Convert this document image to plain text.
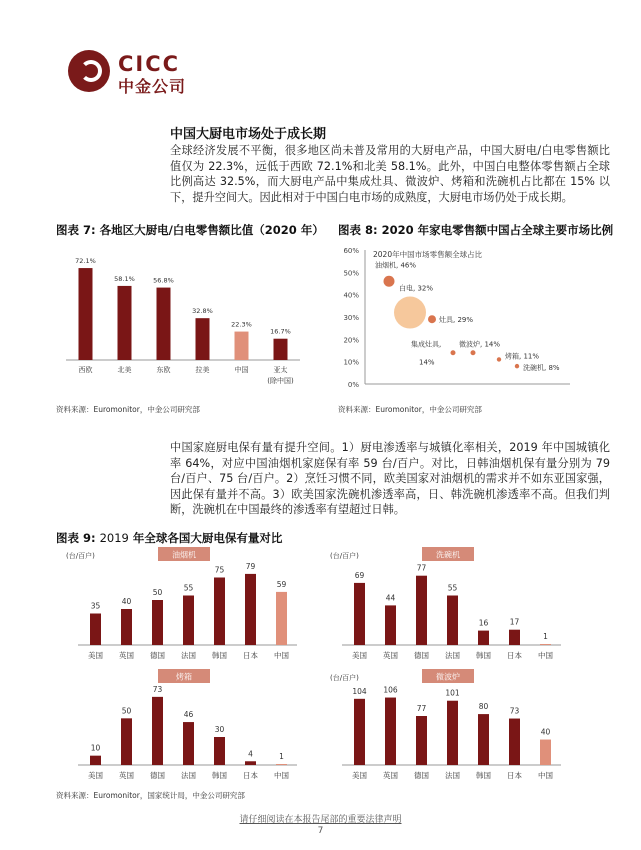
CICC
中金公司
中国大厨电市场处于成长期
全球经济发展不平衡，很多地区尚未普及常用的大厨电产品，中国大厨电/白电零售额比值仅为 22.3%，远低于西欧 72.1%和北美 58.1%。此外，中国白电整体零售额占全球比例高达 32.5%，而大厨电产品中集成灶具、微波炉、烤箱和洗碗机占比都在 15% 以下，提升空间大。因此相对于中国白电市场的成熟度，大厨电市场仍处于成长期。
图表 7: 各地区大厨电/白电零售额比值（2020 年）
72.1%
西欧
58.1%
北美
56.8%
东欧
32.8%
拉美
22.3%
中国
16.7%
亚太
(除中国)
资料来源：Euromonitor，中金公司研究部
图表 8: 2020 年家电零售额中国占全球主要市场比例
0%
10%
20%
30%
40%
50%
60% 2020年中国市场零售额全球占比
油烟机, 46%
白电, 32%
灶具, 29%
微波炉, 14%
烤箱, 11%
洗碗机, 8%
集成灶具,
14%
资料来源：Euromonitor，中金公司研究部
中国家庭厨电保有量有提升空间。1）厨电渗透率与城镇化率相关，2019 年中国城镇化率 64%，对应中国油烟机家庭保有率 59 台/百户。对比，日韩油烟机保有量分别为 79 台/百户、75 台/百户。2）烹饪习惯不同，欧美国家对油烟机的需求并不如东亚国家强，因此保有量并不高。3）欧美国家洗碗机渗透率高，日、韩洗碗机渗透率不高。但我们判断，洗碗机在中国最终的渗透率有望超过日韩。
图表 9: 2019 年全球各国大厨电保有量对比
(台/百户)	油烟机
35
美国
40
英国
50
德国
55
法国
75
韩国
79
日本
59
中国
(台/百户)	洗碗机
69
美国
44
英国
77
德国
55
法国
16
韩国
17
日本
1
中国
烤箱
10
美国
50
英国
73
德国
46
法国
30
韩国
4
日本
1
中国
(台/百户)	微波炉
104
美国
106
英国
77
德国
101
法国
80
韩国
73
日本
40
中国
资料来源：Euromonitor，国家统计局，中金公司研究部
请仔细阅读在本报告尾部的重要法律声明
7
